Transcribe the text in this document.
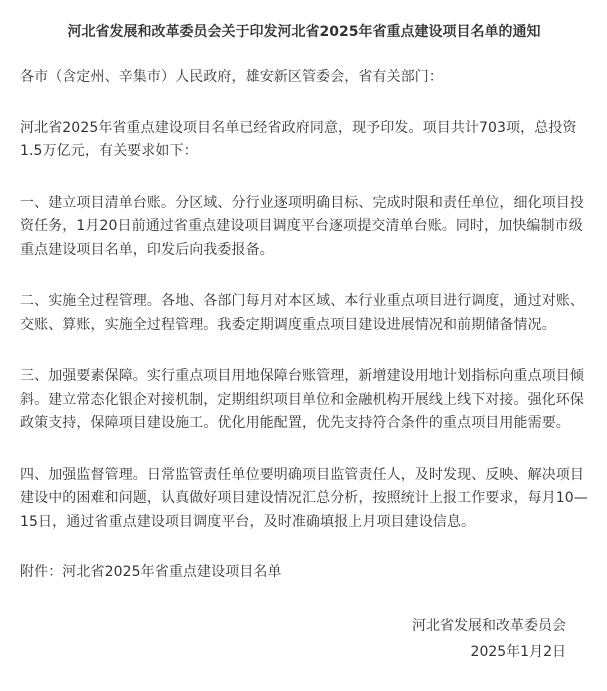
河北省发展和改革委员会关于印发河北省2025年省重点建设项目名单的通知

各市（含定州、辛集市）人民政府，雄安新区管委会，省有关部门：

河北省2025年省重点建设项目名单已经省政府同意，现予印发。项目共计703项，总投资1.5万亿元，有关要求如下：

一、建立项目清单台账。分区域、分行业逐项明确目标、完成时限和责任单位，细化项目投资任务，1月20日前通过省重点建设项目调度平台逐项提交清单台账。同时，加快编制市级重点建设项目名单，印发后向我委报备。

二、实施全过程管理。各地、各部门每月对本区域、本行业重点项目进行调度，通过对账、交账、算账，实施全过程管理。我委定期调度重点项目建设进展情况和前期储备情况。

三、加强要素保障。实行重点项目用地保障台账管理，新增建设用地计划指标向重点项目倾斜。建立常态化银企对接机制，定期组织项目单位和金融机构开展线上线下对接。强化环保政策支持，保障项目建设施工。优化用能配置，优先支持符合条件的重点项目用能需要。

四、加强监督管理。日常监管责任单位要明确项目监管责任人，及时发现、反映、解决项目建设中的困难和问题，认真做好项目建设情况汇总分析，按照统计上报工作要求，每月10—15日，通过省重点建设项目调度平台，及时准确填报上月项目建设信息。

附件：河北省2025年省重点建设项目名单

河北省发展和改革委员会
2025年1月2日
